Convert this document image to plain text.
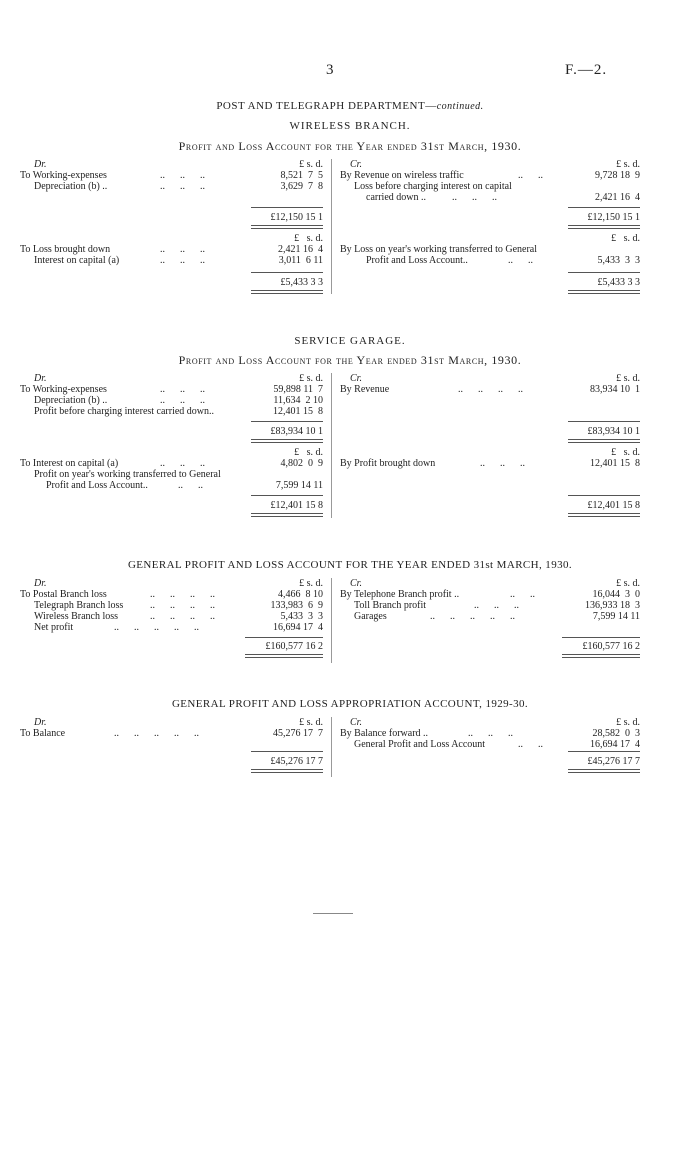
3	F.—2.
POST AND TELEGRAPH DEPARTMENT—continued.
WIRELESS BRANCH.
Profit and Loss Account for the Year ended 31st March, 1930.
Dr.	£ s. d.
To Working-expenses	..      ..      ..	8,521  7  5
Depreciation (b) ..	..      ..      ..	3,629  7  8
£12,150 15 1
£   s. d.
To Loss brought down	..      ..      ..	2,421 16  4
Interest on capital (a)	..      ..      ..	3,011  6 11
£5,433 3 3
Cr.	£ s. d.
By Revenue on wireless traffic	..      ..	9,728 18  9
Loss before charging interest on capital
carried down ..	..      ..      ..	2,421 16  4
£12,150 15 1
£   s. d.
By Loss on year's working transferred to General
Profit and Loss Account..	..      ..	5,433  3  3
£5,433 3 3
SERVICE GARAGE.
Profit and Loss Account for the Year ended 31st March, 1930.
Dr.	£ s. d.
To Working-expenses	..      ..      ..	59,898 11  7
Depreciation (b) ..	..      ..      ..	11,634  2 10
Profit before charging interest carried down..	12,401 15  8
£83,934 10 1
£   s. d.
To Interest on capital (a)	..      ..      ..	4,802  0  9
Profit on year's working transferred to General
Profit and Loss Account..	..      ..	7,599 14 11
£12,401 15 8
Cr.	£ s. d.
By Revenue	..      ..      ..      ..	83,934 10  1
£83,934 10 1
£   s. d.
By Profit brought down	..      ..      ..	12,401 15  8
£12,401 15 8
GENERAL PROFIT AND LOSS ACCOUNT FOR THE YEAR ENDED 31st MARCH, 1930.
Dr.	£ s. d.
To Postal Branch loss	..      ..      ..      ..	4,466  8 10
Telegraph Branch loss	..      ..      ..      ..	133,983  6  9
Wireless Branch loss	..      ..      ..      ..	5,433  3  3
Net profit	..      ..      ..      ..      ..	16,694 17  4
£160,577 16 2
Cr.	£ s. d.
By Telephone Branch profit ..	..      ..	16,044  3  0
Toll Branch profit	..      ..      ..	136,933 18  3
Garages	..      ..      ..      ..      ..	7,599 14 11
£160,577 16 2
GENERAL PROFIT AND LOSS APPROPRIATION ACCOUNT, 1929-30.
Dr.	£ s. d.
To Balance	..      ..      ..      ..      ..	45,276 17  7
£45,276 17 7
Cr.	£ s. d.
By Balance forward ..	..      ..      ..	28,582  0  3
General Profit and Loss Account	..      ..	16,694 17  4
£45,276 17 7
